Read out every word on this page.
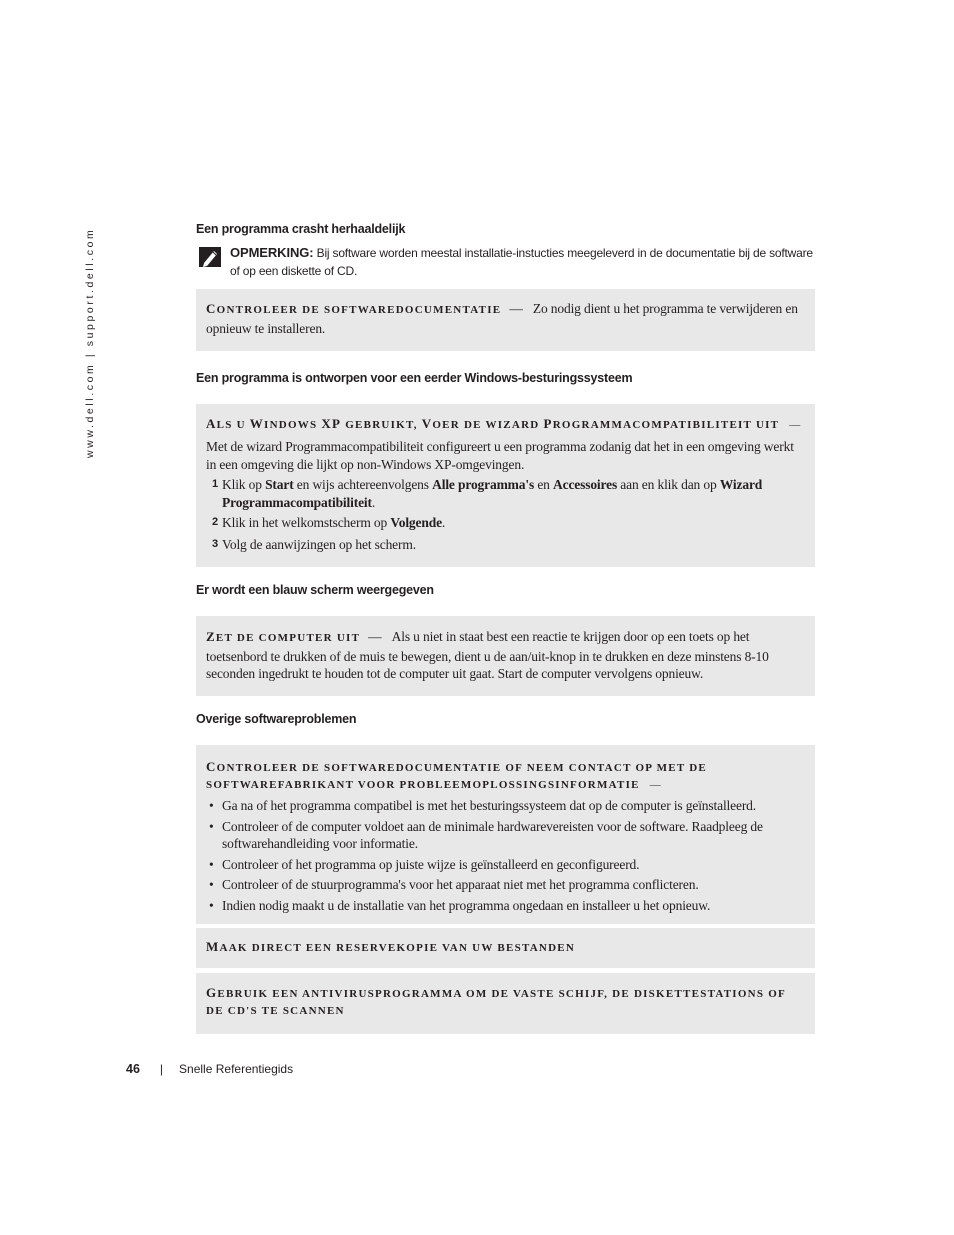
www.dell.com | support.dell.com	Een programma crasht herhaaldelijk
OPMERKING: Bij software worden meestal installatie-instucties meegeleverd in de documentatie bij de software of op een diskette of CD.
CONTROLEER DE SOFTWAREDOCUMENTATIE — Zo nodig dient u het programma te verwijderen en opnieuw te installeren.
Een programma is ontworpen voor een eerder Windows-besturingssysteem
ALS U WINDOWS XP GEBRUIKT, VOER DE WIZARD PROGRAMMACOMPATIBILITEIT UIT —
Met de wizard Programmacompatibiliteit configureert u een programma zodanig dat het in een omgeving werkt in een omgeving die lijkt op non-Windows XP-omgevingen.
1 Klik op Start en wijs achtereenvolgens Alle programma's en Accessoires aan en klik dan op Wizard Programmacompatibiliteit.
2 Klik in het welkomstscherm op Volgende.
3 Volg de aanwijzingen op het scherm.
Er wordt een blauw scherm weergegeven
ZET DE COMPUTER UIT — Als u niet in staat best een reactie te krijgen door op een toets op het toetsenbord te drukken of de muis te bewegen, dient u de aan/uit-knop in te drukken en deze minstens 8-10 seconden ingedrukt te houden tot de computer uit gaat. Start de computer vervolgens opnieuw.
Overige softwareproblemen
CONTROLEER DE SOFTWAREDOCUMENTATIE OF NEEM CONTACT OP MET DE SOFTWAREFABRIKANT VOOR PROBLEEMOPLOSSINGSINFORMATIE —
• Ga na of het programma compatibel is met het besturingssysteem dat op de computer is geïnstalleerd.
• Controleer of de computer voldoet aan de minimale hardwarevereisten voor de software. Raadpleeg de softwarehandleiding voor informatie.
• Controleer of het programma op juiste wijze is geïnstalleerd en geconfigureerd.
• Controleer of de stuurprogramma's voor het apparaat niet met het programma conflicteren.
• Indien nodig maakt u de installatie van het programma ongedaan en installeer u het opnieuw.
MAAK DIRECT EEN RESERVEKOPIE VAN UW BESTANDEN
GEBRUIK EEN ANTIVIRUSPROGRAMMA OM DE VASTE SCHIJF, DE DISKETTESTATIONS OF DE CD'S TE SCANNEN
46 | Snelle Referentiegids
